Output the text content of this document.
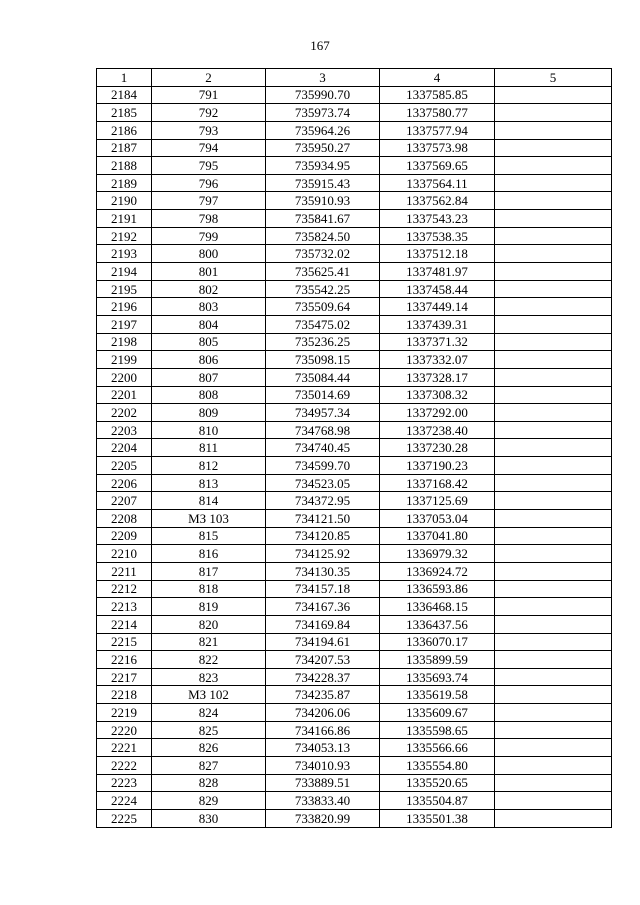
167
1	2	3	4	5
2184	791	735990.70	1337585.85	
2185	792	735973.74	1337580.77	
2186	793	735964.26	1337577.94	
2187	794	735950.27	1337573.98	
2188	795	735934.95	1337569.65	
2189	796	735915.43	1337564.11	
2190	797	735910.93	1337562.84	
2191	798	735841.67	1337543.23	
2192	799	735824.50	1337538.35	
2193	800	735732.02	1337512.18	
2194	801	735625.41	1337481.97	
2195	802	735542.25	1337458.44	
2196	803	735509.64	1337449.14	
2197	804	735475.02	1337439.31	
2198	805	735236.25	1337371.32	
2199	806	735098.15	1337332.07	
2200	807	735084.44	1337328.17	
2201	808	735014.69	1337308.32	
2202	809	734957.34	1337292.00	
2203	810	734768.98	1337238.40	
2204	811	734740.45	1337230.28	
2205	812	734599.70	1337190.23	
2206	813	734523.05	1337168.42	
2207	814	734372.95	1337125.69	
2208	МЗ 103	734121.50	1337053.04	
2209	815	734120.85	1337041.80	
2210	816	734125.92	1336979.32	
2211	817	734130.35	1336924.72	
2212	818	734157.18	1336593.86	
2213	819	734167.36	1336468.15	
2214	820	734169.84	1336437.56	
2215	821	734194.61	1336070.17	
2216	822	734207.53	1335899.59	
2217	823	734228.37	1335693.74	
2218	МЗ 102	734235.87	1335619.58	
2219	824	734206.06	1335609.67	
2220	825	734166.86	1335598.65	
2221	826	734053.13	1335566.66	
2222	827	734010.93	1335554.80	
2223	828	733889.51	1335520.65	
2224	829	733833.40	1335504.87	
2225	830	733820.99	1335501.38	
